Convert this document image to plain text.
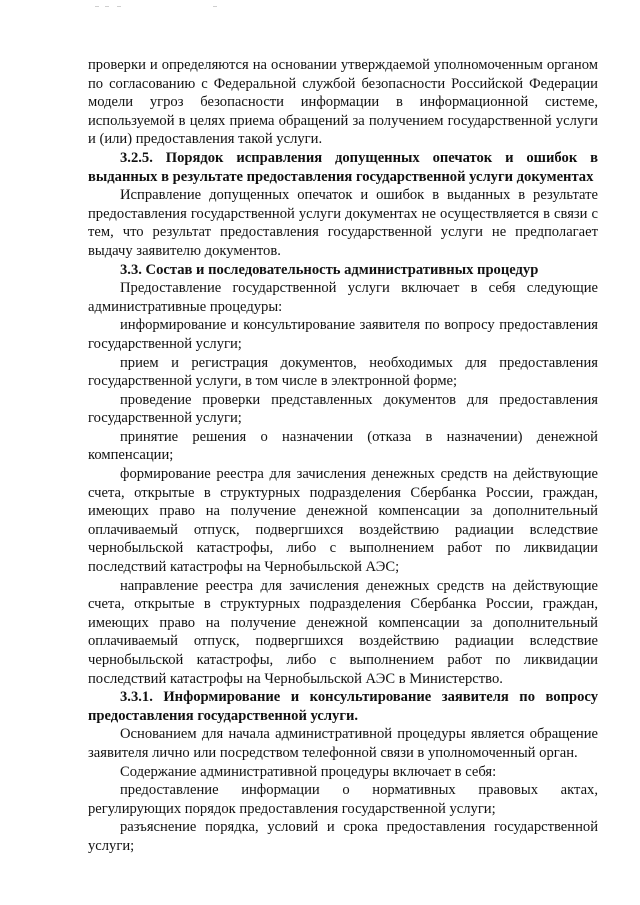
проверки и определяются на основании утверждаемой уполномоченным органом по согласованию с Федеральной службой безопасности Российской Федерации модели угроз безопасности информации в информационной системе, используемой в целях приема обращений за получением государственной услуги и (или) предоставления такой услуги.

3.2.5. Порядок исправления допущенных опечаток и ошибок в выданных в результате предоставления государственной услуги документах

Исправление допущенных опечаток и ошибок в выданных в результате предоставления государственной услуги документах не осуществляется в связи с тем, что результат предоставления государственной услуги не предполагает выдачу заявителю документов.

3.3. Состав и последовательность административных процедур

Предоставление государственной услуги включает в себя следующие административные процедуры:

информирование и консультирование заявителя по вопросу предоставления государственной услуги;

прием и регистрация документов, необходимых для предоставления государственной услуги, в том числе в электронной форме;

проведение проверки представленных документов для предоставления государственной услуги;

принятие решения о назначении (отказа в назначении) денежной компенсации;

формирование реестра для зачисления денежных средств на действующие счета, открытые в структурных подразделения Сбербанка России, граждан, имеющих право на получение денежной компенсации за дополнительный оплачиваемый отпуск, подвергшихся воздействию радиации вследствие чернобыльской катастрофы, либо с выполнением работ по ликвидации последствий катастрофы на Чернобыльской АЭС;

направление реестра для зачисления денежных средств на действующие счета, открытые в структурных подразделения Сбербанка России, граждан, имеющих право на получение денежной компенсации за дополнительный оплачиваемый отпуск, подвергшихся воздействию радиации вследствие чернобыльской катастрофы, либо с выполнением работ по ликвидации последствий катастрофы на Чернобыльской АЭС в Министерство.

3.3.1. Информирование и консультирование заявителя по вопросу предоставления государственной услуги.

Основанием для начала административной процедуры является обращение заявителя лично или посредством телефонной связи в уполномоченный орган.

Содержание административной процедуры включает в себя:

предоставление информации о нормативных правовых актах, регулирующих порядок предоставления государственной услуги;

разъяснение порядка, условий и срока предоставления государственной услуги;
